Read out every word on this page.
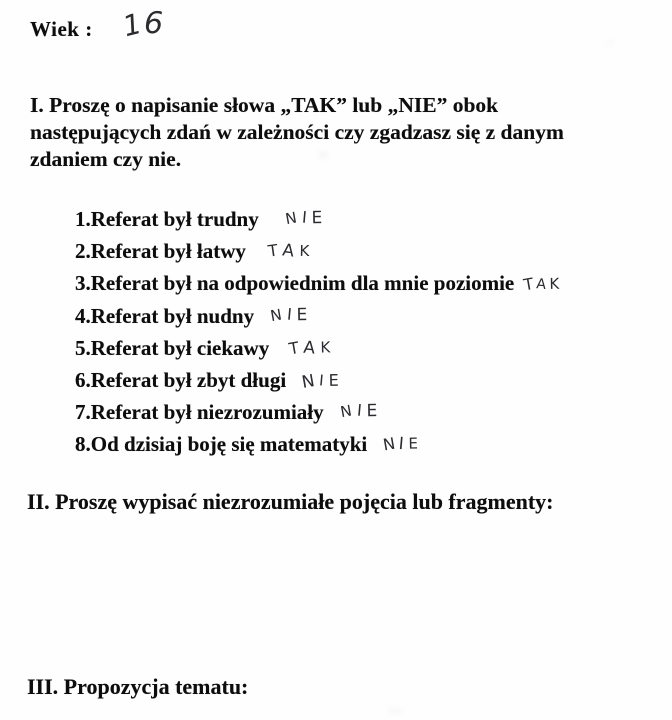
Wiek : 16

I. Proszę o napisanie słowa „TAK” lub „NIE” obok
następujących zdań w zależności czy zgadzasz się z danym
zdaniem czy nie.

1.Referat był trudny NIE
2.Referat był łatwy TAK
3.Referat był na odpowiednim dla mnie poziomie TAK
4.Referat był nudny NIE
5.Referat był ciekawy TAK
6.Referat był zbyt długi NIE
7.Referat był niezrozumiały NIE
8.Od dzisiaj boję się matematyki NIE

II. Proszę wypisać niezrozumiałe pojęcia lub fragmenty:

III. Propozycja tematu:
